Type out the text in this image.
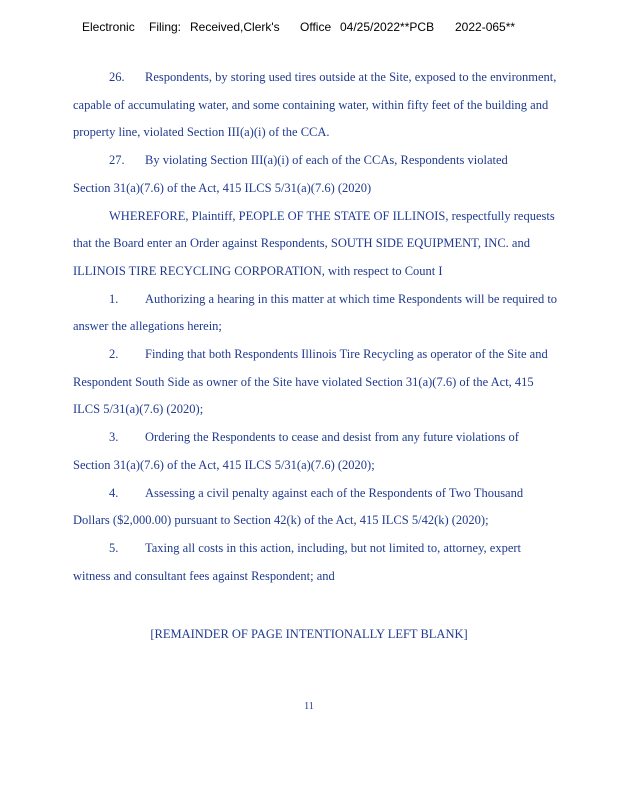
Electronic Filing: Received,Clerk's Office 04/25/2022**PCB 2022-065**
26. Respondents, by storing used tires outside at the Site, exposed to the environment,
capable of accumulating water, and some containing water, within fifty feet of the building and
property line, violated Section III(a)(i) of the CCA.
27. By violating Section III(a)(i) of each of the CCAs, Respondents violated
Section 31(a)(7.6) of the Act, 415 ILCS 5/31(a)(7.6) (2020)
WHEREFORE, Plaintiff, PEOPLE OF THE STATE OF ILLINOIS, respectfully requests
that the Board enter an Order against Respondents, SOUTH SIDE EQUIPMENT, INC. and
ILLINOIS TIRE RECYCLING CORPORATION, with respect to Count I
1. Authorizing a hearing in this matter at which time Respondents will be required to
answer the allegations herein;
2. Finding that both Respondents Illinois Tire Recycling as operator of the Site and
Respondent South Side as owner of the Site have violated Section 31(a)(7.6) of the Act, 415
ILCS 5/31(a)(7.6) (2020);
3. Ordering the Respondents to cease and desist from any future violations of
Section 31(a)(7.6) of the Act, 415 ILCS 5/31(a)(7.6) (2020);
4. Assessing a civil penalty against each of the Respondents of Two Thousand
Dollars ($2,000.00) pursuant to Section 42(k) of the Act, 415 ILCS 5/42(k) (2020);
5. Taxing all costs in this action, including, but not limited to, attorney, expert
witness and consultant fees against Respondent; and
[REMAINDER OF PAGE INTENTIONALLY LEFT BLANK]
11
